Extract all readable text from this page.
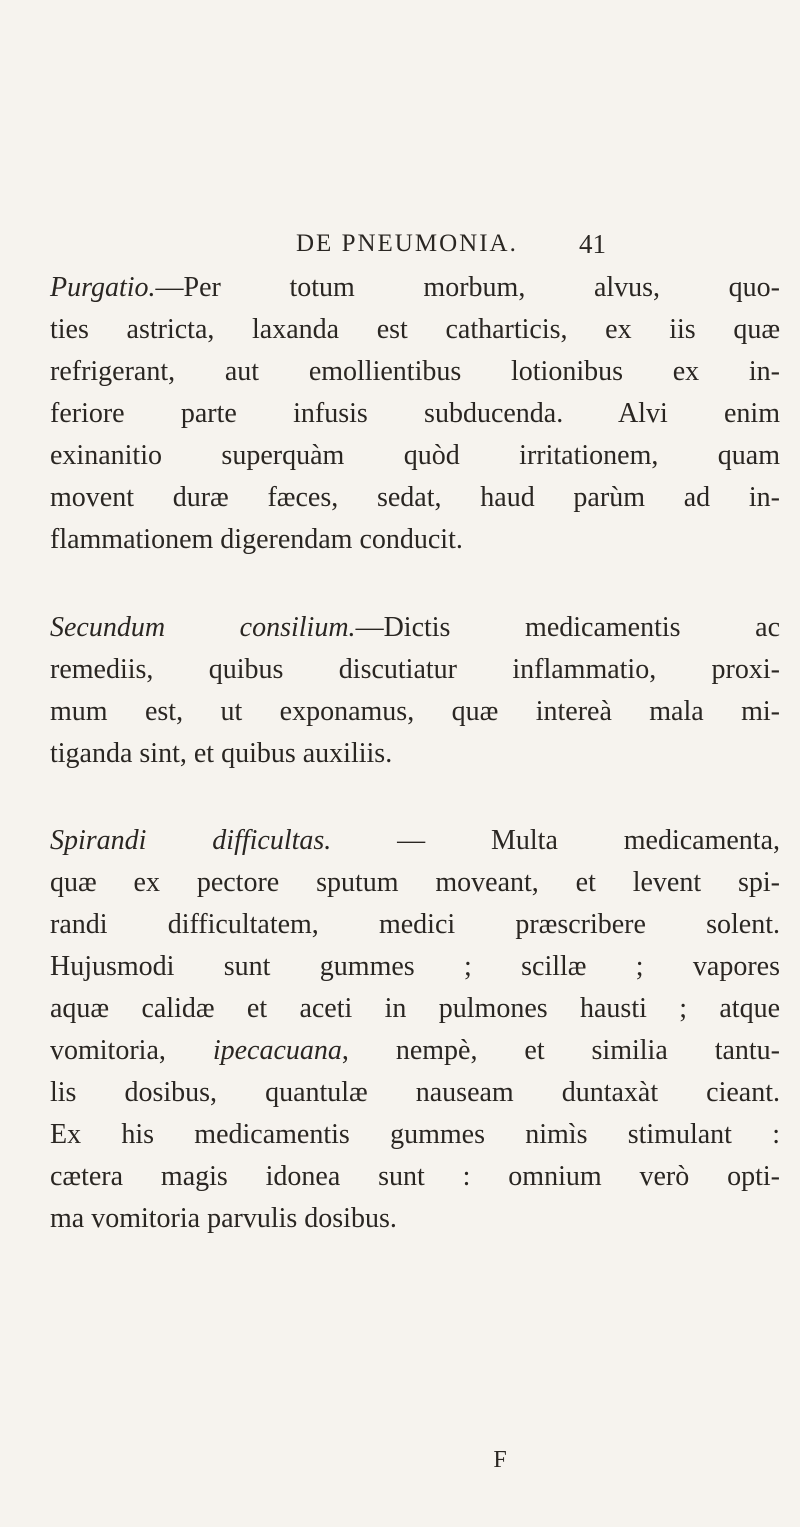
DE PNEUMONIA. 41
Purgatio.—Per totum morbum, alvus, quo-
ties astricta, laxanda est catharticis, ex iis quæ
refrigerant, aut emollientibus lotionibus ex in-
feriore parte infusis subducenda. Alvi enim
exinanitio superquàm quòd irritationem, quam
movent duræ fæces, sedat, haud parùm ad in-
flammationem digerendam conducit.
Secundum consilium.—Dictis medicamentis ac
remediis, quibus discutiatur inflammatio, proxi-
mum est, ut exponamus, quæ intereà mala mi-
tiganda sint, et quibus auxiliis.
Spirandi difficultas. — Multa medicamenta,
quæ ex pectore sputum moveant, et levent spi-
randi difficultatem, medici præscribere solent.
Hujusmodi sunt gummes ; scillæ ; vapores
aquæ calidæ et aceti in pulmones hausti ; atque
vomitoria, ipecacuana, nempè, et similia tantu-
lis dosibus, quantulæ nauseam duntaxàt cieant.
Ex his medicamentis gummes nimìs stimulant :
cætera magis idonea sunt : omnium verò opti-
ma vomitoria parvulis dosibus.
F
